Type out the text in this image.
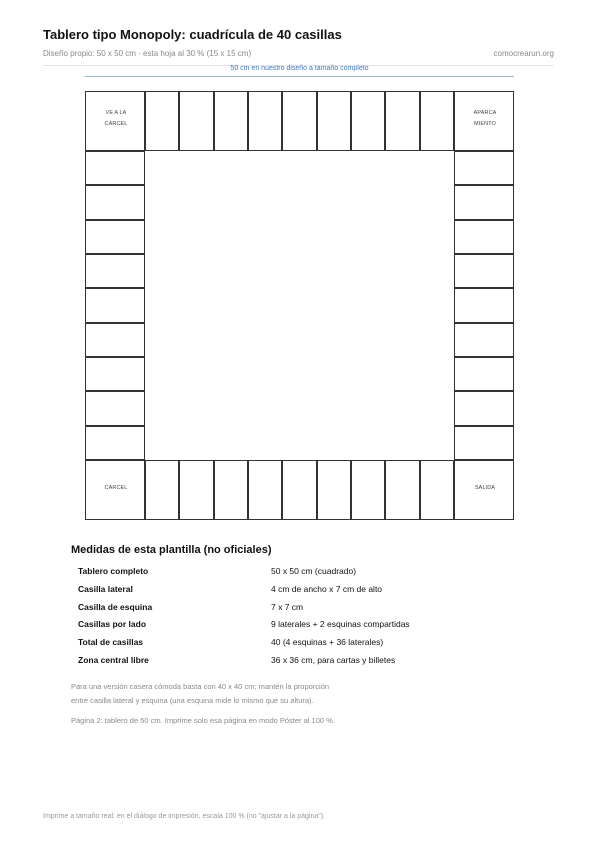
Tablero tipo Monopoly: cuadrícula de 40 casillas
Diseño propio: 50 x 50 cm · esta hoja al 30 % (15 x 15 cm)	comocrearun.org
50 cm en nuestro diseño a tamaño completo
VE A LA
CARCEL
APARCA
MIENTO
CARCEL	SALIDA
Medidas de esta plantilla (no oficiales)
Tablero completo	50 x 50 cm (cuadrado)
Casilla lateral	4 cm de ancho x 7 cm de alto
Casilla de esquina	7 x 7 cm
Casillas por lado	9 laterales + 2 esquinas compartidas
Total de casillas	40 (4 esquinas + 36 laterales)
Zona central libre	36 x 36 cm, para cartas y billetes
Para una versión casera cómoda basta con 40 x 40 cm; mantén la proporción
entre casilla lateral y esquina (una esquina mide lo mismo que su altura).
Página 2: tablero de 50 cm. Imprime solo esa página en modo Póster al 100 %.
Imprime a tamaño real: en el diálogo de impresión, escala 100 % (no "ajustar a la página").
